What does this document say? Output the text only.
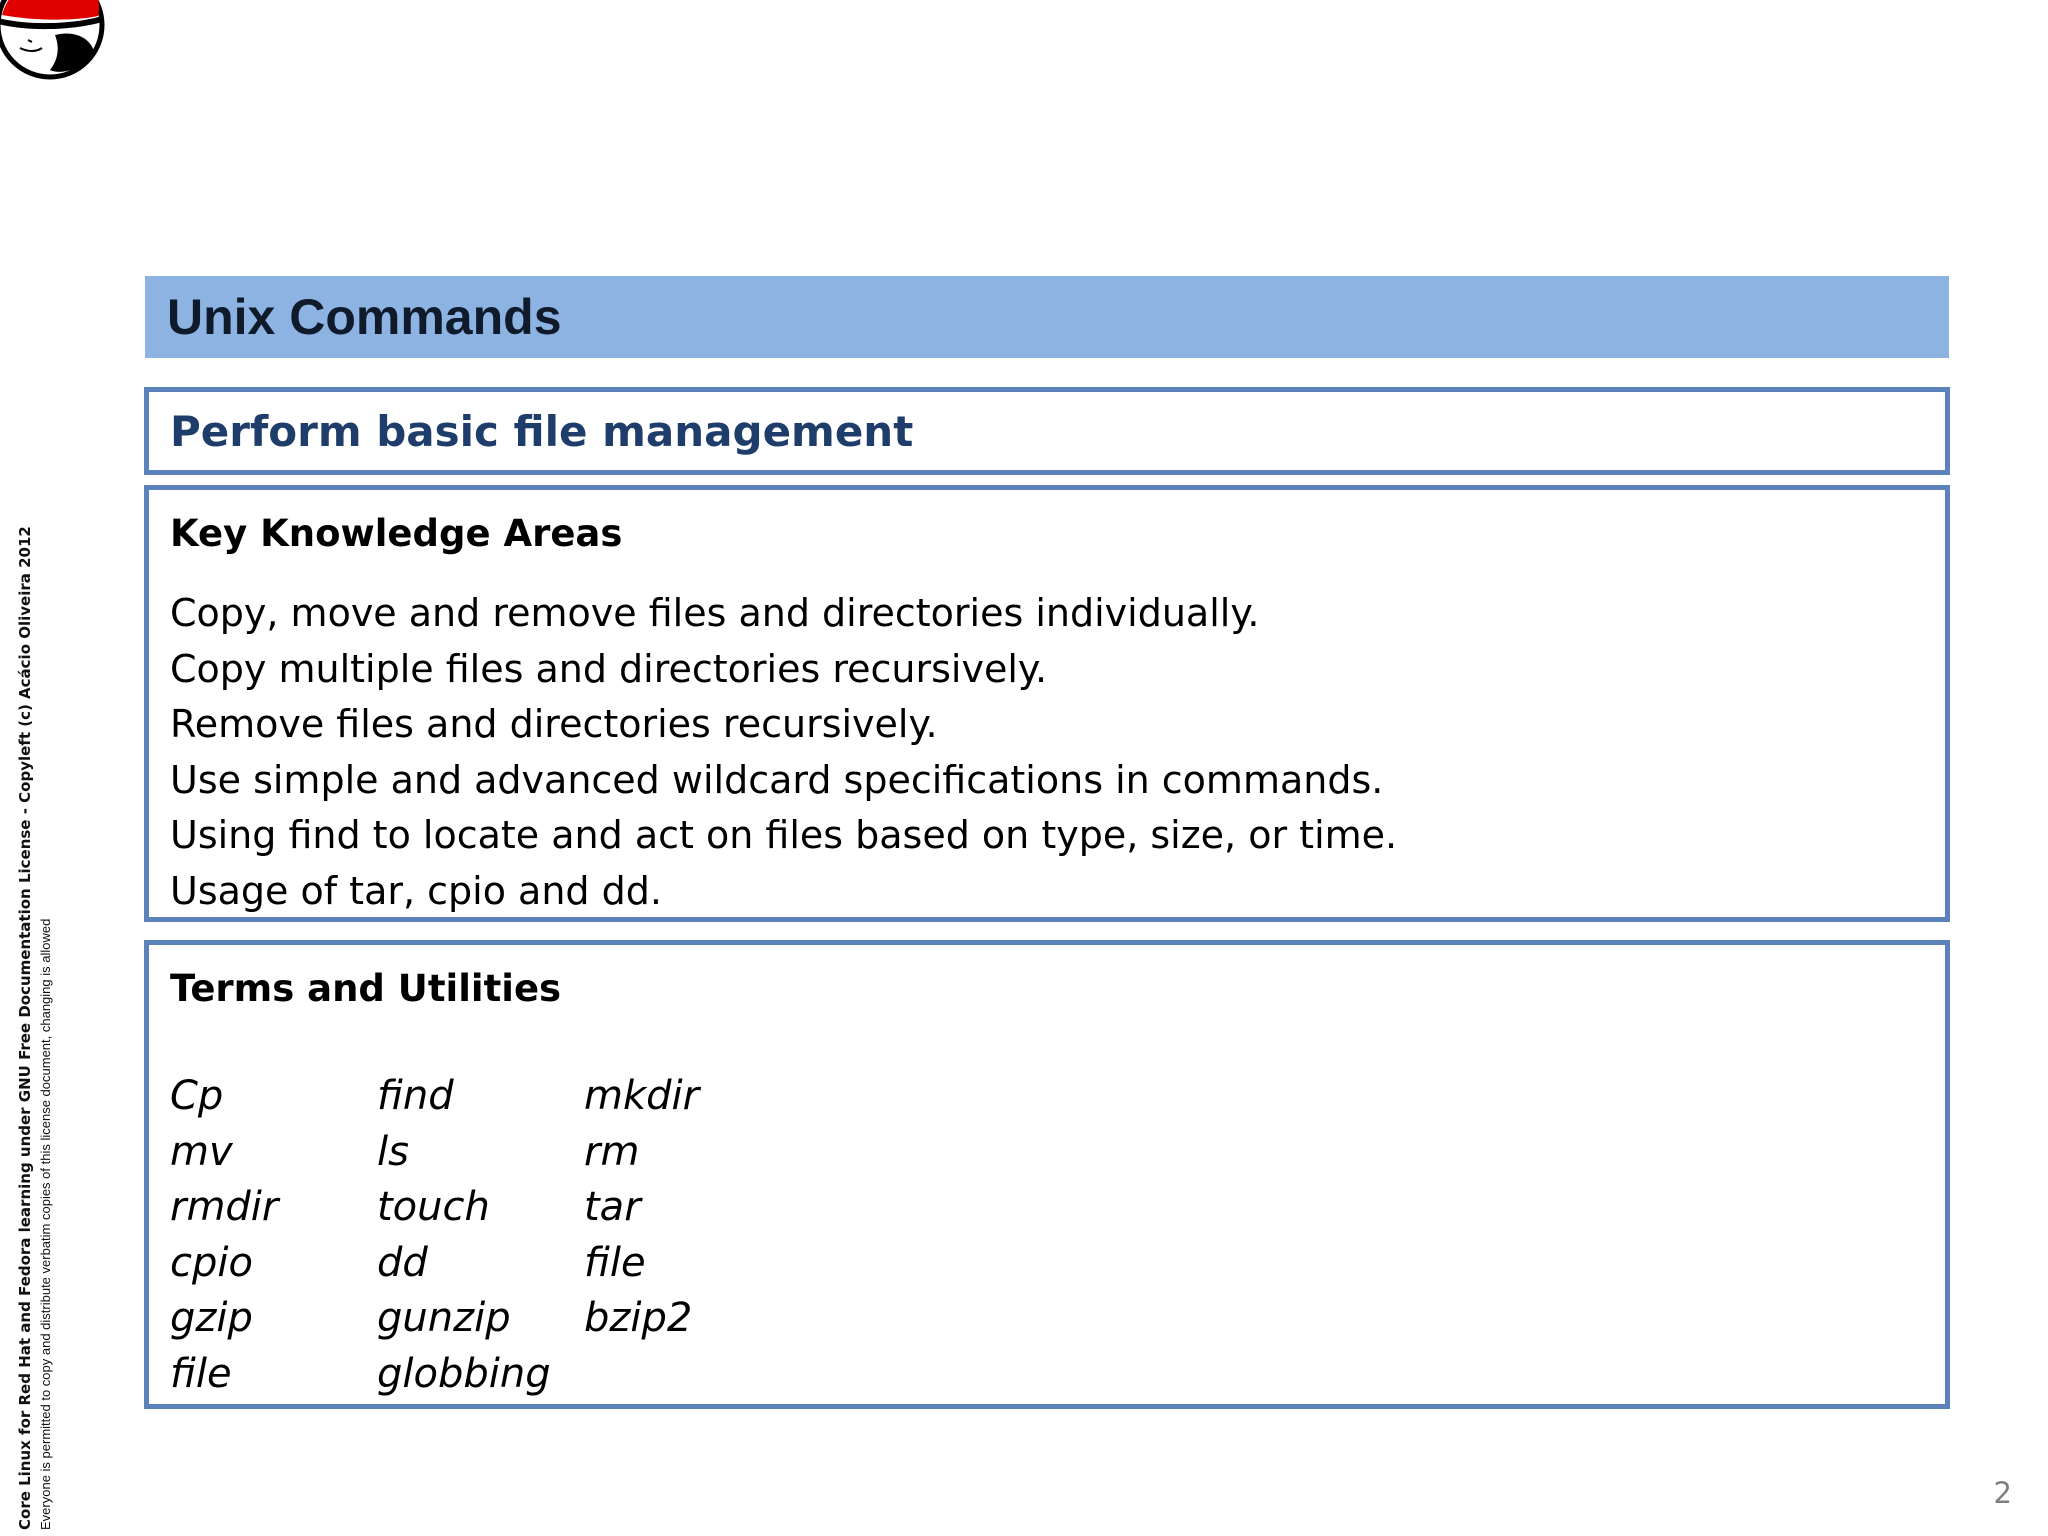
Core Linux for Red Hat and Fedora learning under GNU Free Documentation License - Copyleft (c) Acácio Oliveira 2012 Everyone is permitted to copy and distribute verbatim copies of this license document, changing is allowed
Unix Commands
Perform basic file management
Key Knowledge Areas
Copy, move and remove files and directories individually.
Copy multiple files and directories recursively.
Remove files and directories recursively.
Use simple and advanced wildcard specifications in commands.
Using find to locate and act on files based on type, size, or time.
Usage of tar, cpio and dd.
Terms and Utilities
Cp	find	mkdir
mv	ls	rm
rmdir	touch	tar
cpio	dd	file
gzip	gunzip	bzip2
file	globbing
2
